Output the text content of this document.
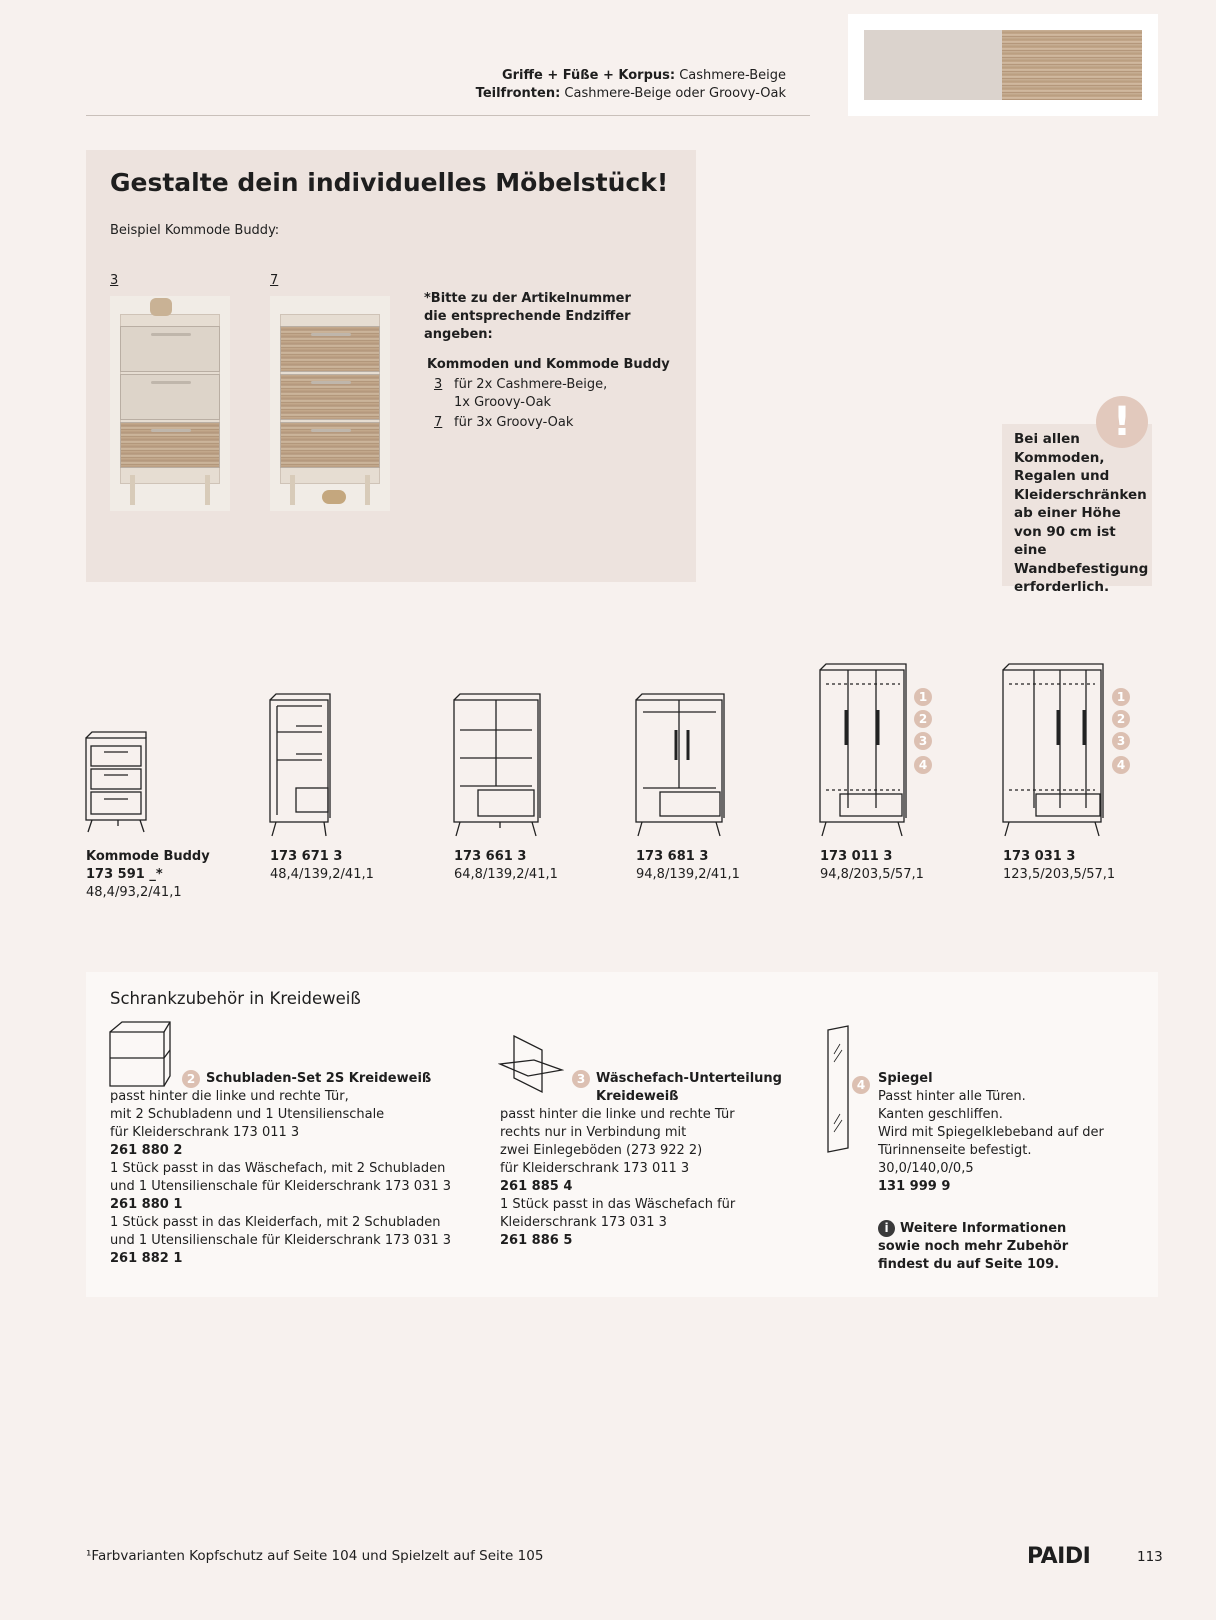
Griffe + Füße + Korpus: Cashmere-Beige
Teilfronten: Cashmere-Beige oder Groovy-Oak
Gestalte dein individuelles Möbelstück!
Beispiel Kommode Buddy:
3	7
*Bitte zu der Artikelnummer die entsprechende Endziffer angeben:
Kommoden und Kommode Buddy
3 für 2x Cashmere-Beige, 1x Groovy-Oak
7 für 3x Groovy-Oak	!
Bei allen Kommoden, Regalen und Kleiderschränken ab einer Höhe von 90 cm ist eine Wandbefestigung erforderlich.
1
2
3
4
1
2
3
4
Kommode Buddy
173 591 _*
48,4/93,2/41,1
173 671 3
48,4/139,2/41,1
173 661 3
64,8/139,2/41,1
173 681 3
94,8/139,2/41,1
173 011 3
94,8/203,5/57,1
173 031 3
123,5/203,5/57,1
Schrankzubehör in Kreideweiß
2 Schubladen-Set 2S Kreideweiß
passt hinter die linke und rechte Tür,
mit 2 Schubladenn und 1 Utensilienschale
für Kleiderschrank 173 011 3
261 880 2
1 Stück passt in das Wäschefach, mit 2 Schubladen
und 1 Utensilienschale für Kleiderschrank 173 031 3
261 880 1
1 Stück passt in das Kleiderfach, mit 2 Schubladen
und 1 Utensilienschale für Kleiderschrank 173 031 3
261 882 1
3 Wäschefach-Unterteilung
Kreideweiß
passt hinter die linke und rechte Tür
rechts nur in Verbindung mit
zwei Einlegeböden (273 922 2)
für Kleiderschrank 173 011 3
261 885 4
1 Stück passt in das Wäschefach für
Kleiderschrank 173 031 3
261 886 5
4 Spiegel
Passt hinter alle Türen.
Kanten geschliffen.
Wird mit Spiegelklebeband auf der
Türinnenseite befestigt.
30,0/140,0/0,5
131 999 9
i Weitere Informationen
sowie noch mehr Zubehör
findest du auf Seite 109.
¹Farbvarianten Kopfschutz auf Seite 104 und Spielzelt auf Seite 105	PAIDI	113
